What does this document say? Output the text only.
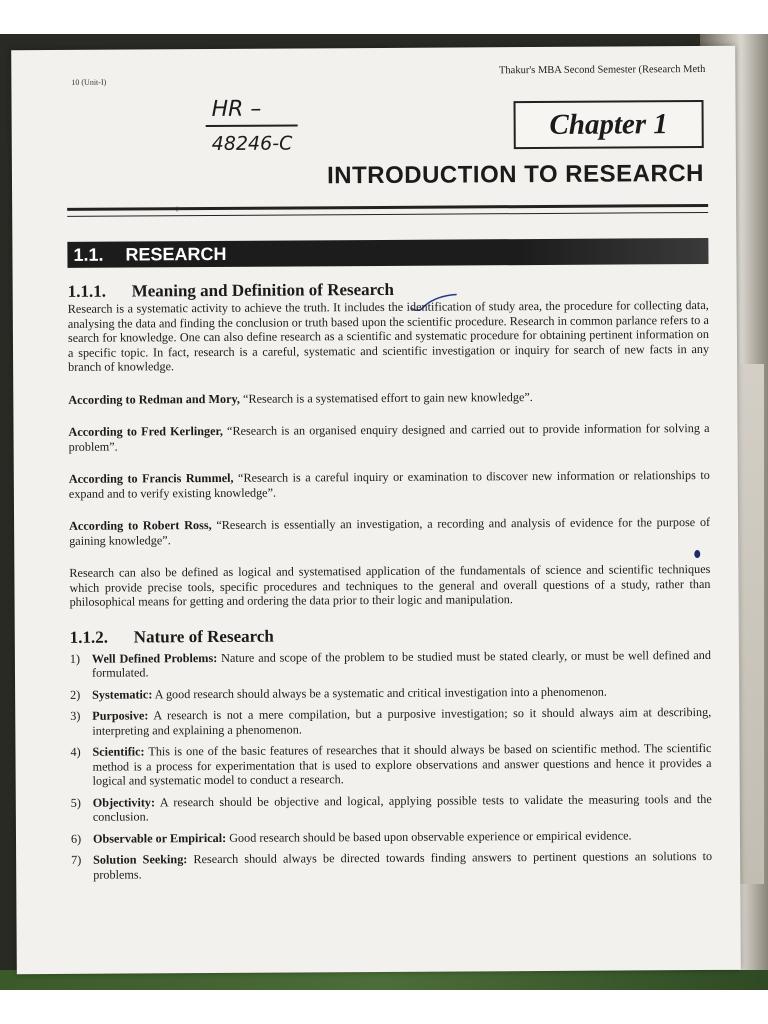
10 (Unit-I)
Thakur's MBA Second Semester (Research Meth
HR –
48246-C
Chapter 1
‹
INTRODUCTION TO RESEARCH
1.1. RESEARCH
1.1.1. Meaning and Definition of Research

Research is a systematic activity to achieve the truth. It includes the identification of study area, the procedure for collecting data, analysing the data and finding the conclusion or truth based upon the scientific procedure. Research in common parlance refers to a search for knowledge. One can also define research as a scientific and systematic procedure for obtaining pertinent information on a specific topic. In fact, research is a careful, systematic and scientific investigation or inquiry for search of new facts in any branch of knowledge.

According to Redman and Mory, “Research is a systematised effort to gain new knowledge”.

According to Fred Kerlinger, “Research is an organised enquiry designed and carried out to provide information for solving a problem”.

According to Francis Rummel, “Research is a careful inquiry or examination to discover new information or relationships to expand and to verify existing knowledge”.

According to Robert Ross, “Research is essentially an investigation, a recording and analysis of evidence for the purpose of gaining knowledge”.

Research can also be defined as logical and systematised application of the fundamentals of science and scientific techniques which provide precise tools, specific procedures and techniques to the general and overall questions of a study, rather than philosophical means for getting and ordering the data prior to their logic and manipulation.

1.1.2. Nature of Research
1) Well Defined Problems: Nature and scope of the problem to be studied must be stated clearly, or must be well defined and formulated.
2) Systematic: A good research should always be a systematic and critical investigation into a phenomenon.
3) Purposive: A research is not a mere compilation, but a purposive investigation; so it should always aim at describing, interpreting and explaining a phenomenon.
4) Scientific: This is one of the basic features of researches that it should always be based on scientific method. The scientific method is a process for experimentation that is used to explore observations and answer questions and hence it provides a logical and systematic model to conduct a research.
5) Objectivity: A research should be objective and logical, applying possible tests to validate the measuring tools and the conclusion.
6) Observable or Empirical: Good research should be based upon observable experience or empirical evidence.
7) Solution Seeking: Research should always be directed towards finding answers to pertinent questions an solutions to problems.
